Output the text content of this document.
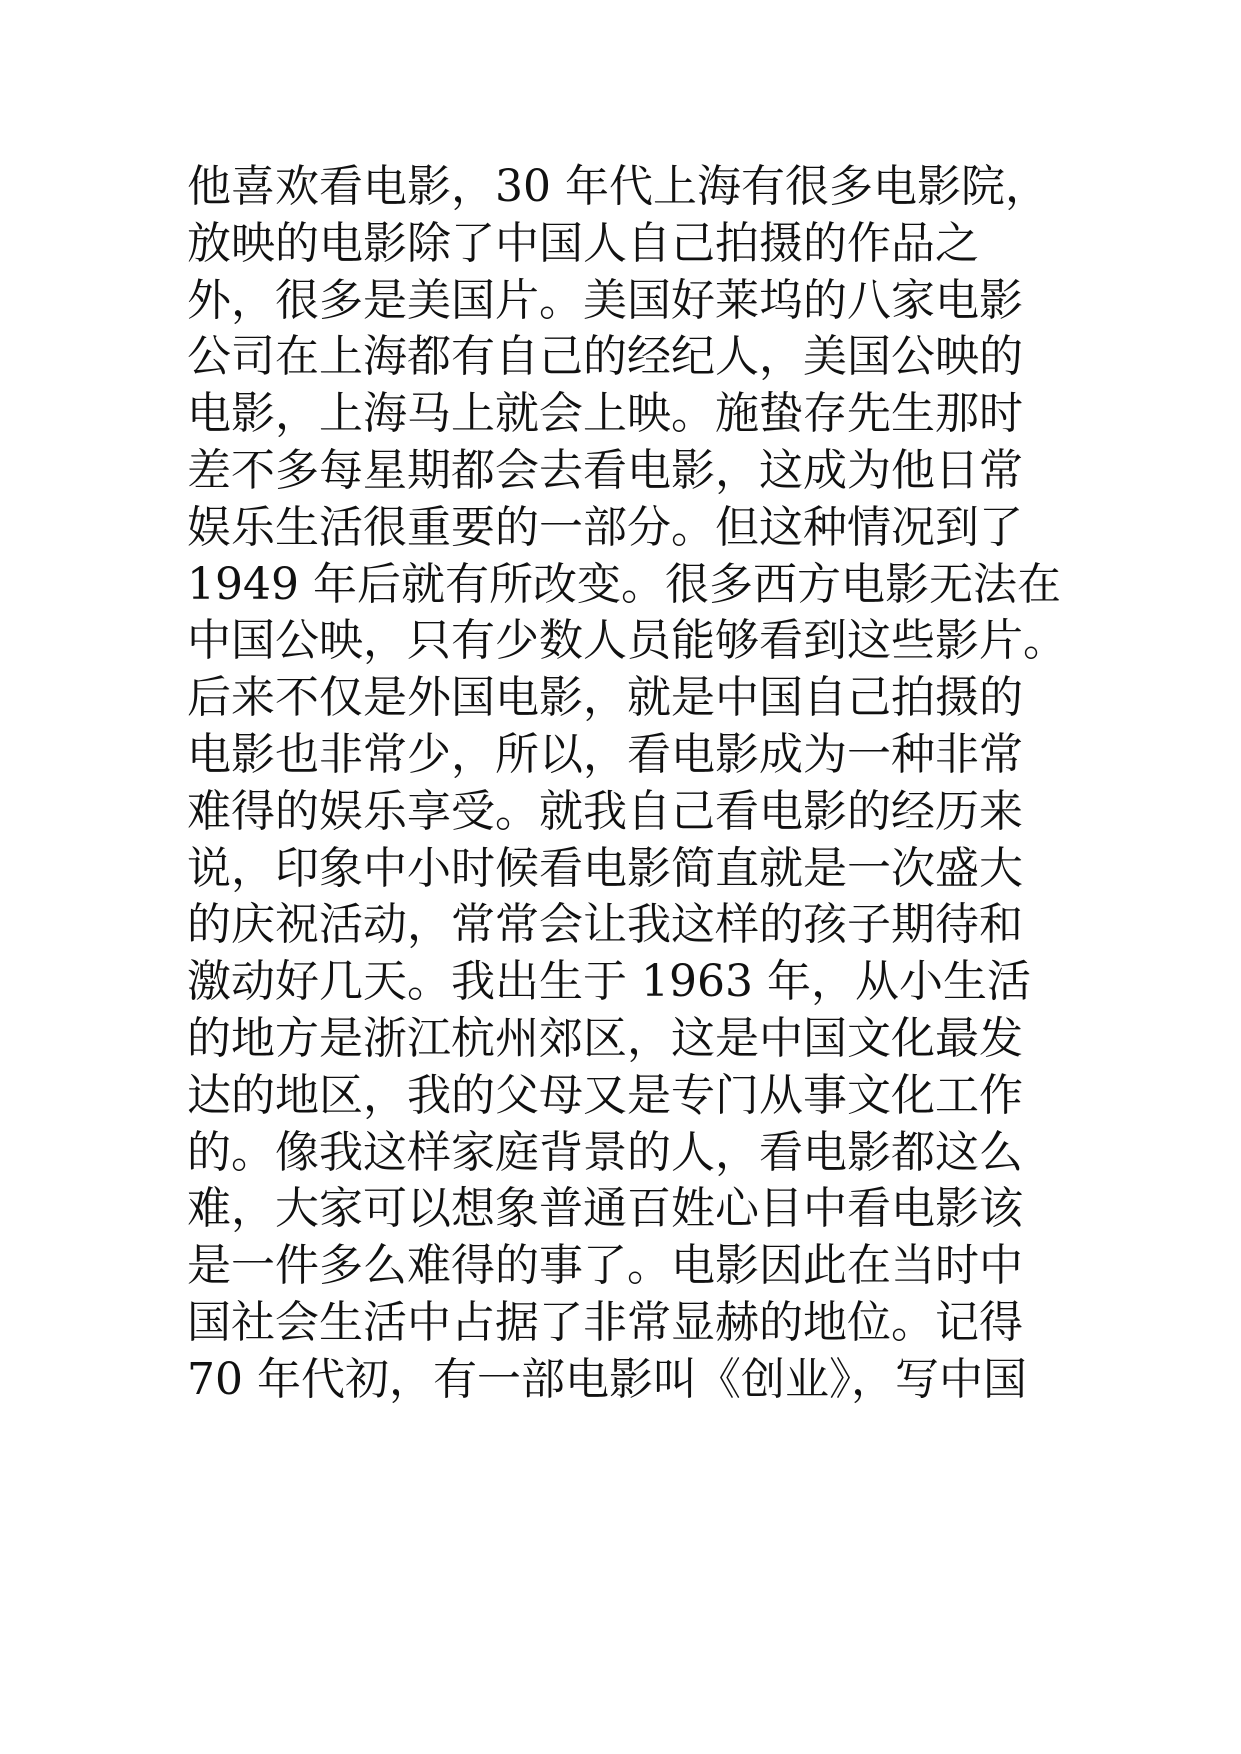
他喜欢看电影，30 年代上海有很多电影院，
放映的电影除了中国人自己拍摄的作品之
外，很多是美国片。美国好莱坞的八家电影
公司在上海都有自己的经纪人，美国公映的
电影，上海马上就会上映。施蛰存先生那时
差不多每星期都会去看电影，这成为他日常
娱乐生活很重要的一部分。但这种情况到了
1949 年后就有所改变。很多西方电影无法在
中国公映，只有少数人员能够看到这些影片。
后来不仅是外国电影，就是中国自己拍摄的
电影也非常少，所以，看电影成为一种非常
难得的娱乐享受。就我自己看电影的经历来
说，印象中小时候看电影简直就是一次盛大
的庆祝活动，常常会让我这样的孩子期待和
激动好几天。我出生于 1963 年，从小生活
的地方是浙江杭州郊区，这是中国文化最发
达的地区，我的父母又是专门从事文化工作
的。像我这样家庭背景的人，看电影都这么
难，大家可以想象普通百姓心目中看电影该
是一件多么难得的事了。电影因此在当时中
国社会生活中占据了非常显赫的地位。记得
70 年代初，有一部电影叫《创业》，写中国
